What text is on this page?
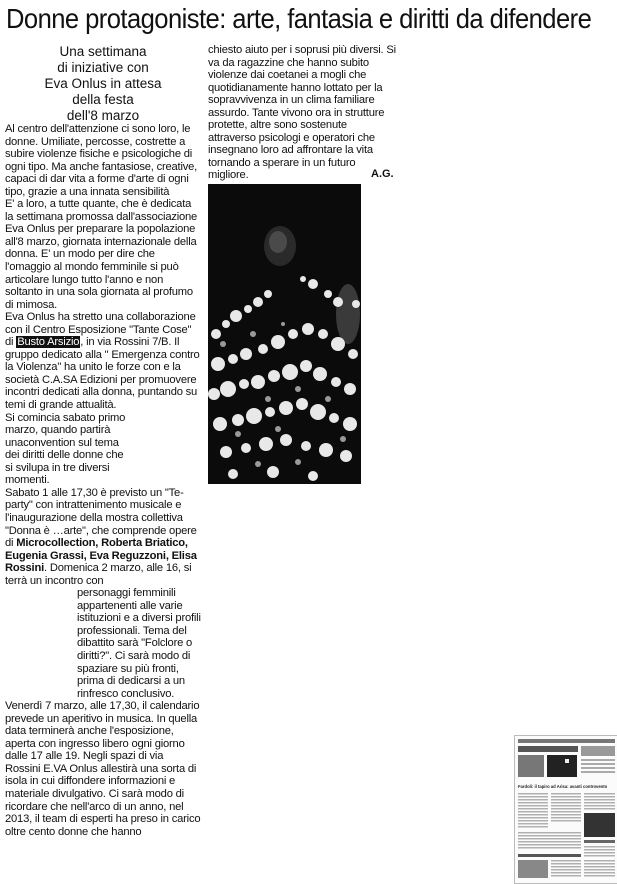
Donne protagoniste: arte, fantasia e diritti da difendere
Una settimana
di iniziative con
Eva Onlus in attesa
della festa
dell'8 marzo

Al centro dell'attenzione ci sono loro, le donne. Umiliate, percosse, costrette a subire violenze fisiche e psicologiche di ogni tipo. Ma anche fantasiose, creative, capaci di dar vita a forme d'arte di ogni tipo, grazie a una innata sensibilità

E' a loro, a tutte quante, che è dedicata la settimana promossa dall'associazione Eva Onlus per preparare la popolazione all'8 marzo, giornata internazionale della donna. E' un modo per dire che l'omaggio al mondo femminile si può articolare lungo tutto l'anno e non soltanto in una sola giornata al profumo di mimosa.

Eva Onlus ha stretto una collaborazione con il Centro Esposizione "Tante Cose" di Busto Arsizio, in via Rossini 7/B. Il gruppo dedicato alla " Emergenza contro la Violenza" ha unito le forze con e la società C.A.SA Edizioni per promuovere incontri dedicati alla donna, puntando su temi di grande attualità.

Si comincia sabato primo marzo, quando partirà unaconvention sul tema dei diritti delle donne che si svilupa in tre diversi momenti.

Sabato 1 alle 17,30 è previsto un "Te-party" con intrattenimento musicale e l'inaugurazione della mostra collettiva "Donna è …arte", che comprende opere di Microcollection, Roberta Briatico, Eugenia Grassi, Eva Reguzzoni, Elisa Rossini. Domenica 2 marzo, alle 16, si terrà un incontro con

personaggi femminili appartenenti alle varie istituzioni e a diversi profili professionali. Tema del dibattito sarà "Folclore o diritti?". Ci sarà modo di spaziare su più fronti, prima di dedicarsi a un rinfresco conclusivo.

Venerdì 7 marzo, alle 17,30, il calendario prevede un aperitivo in musica. In quella data terminerà anche l'esposizione, aperta con ingresso libero ogni giorno dalle 17 alle 19. Negli spazi di via Rossini E.VA Onlus allestirà una sorta di isola in cui diffondere informazioni e materiale divulgativo. Ci sarà modo di ricordare che nell'arco di un anno, nel 2013, il team di esperti ha preso in carico oltre cento donne che hanno

chiesto aiuto per i soprusi più diversi. Si va da ragazzine che hanno subito violenze dai coetanei a mogli che quotidianamente hanno lottato per la sopravvivenza in un clima familiare assurdo. Tante vivono ora in strutture protette, altre sono sostenute attraverso psicologi e operatori che insegnano loro ad affrontare la vita tornando a sperare in un futuro migliore.	A.G.
Fardoli: il tapiro ad Arisa: avanti controvento
